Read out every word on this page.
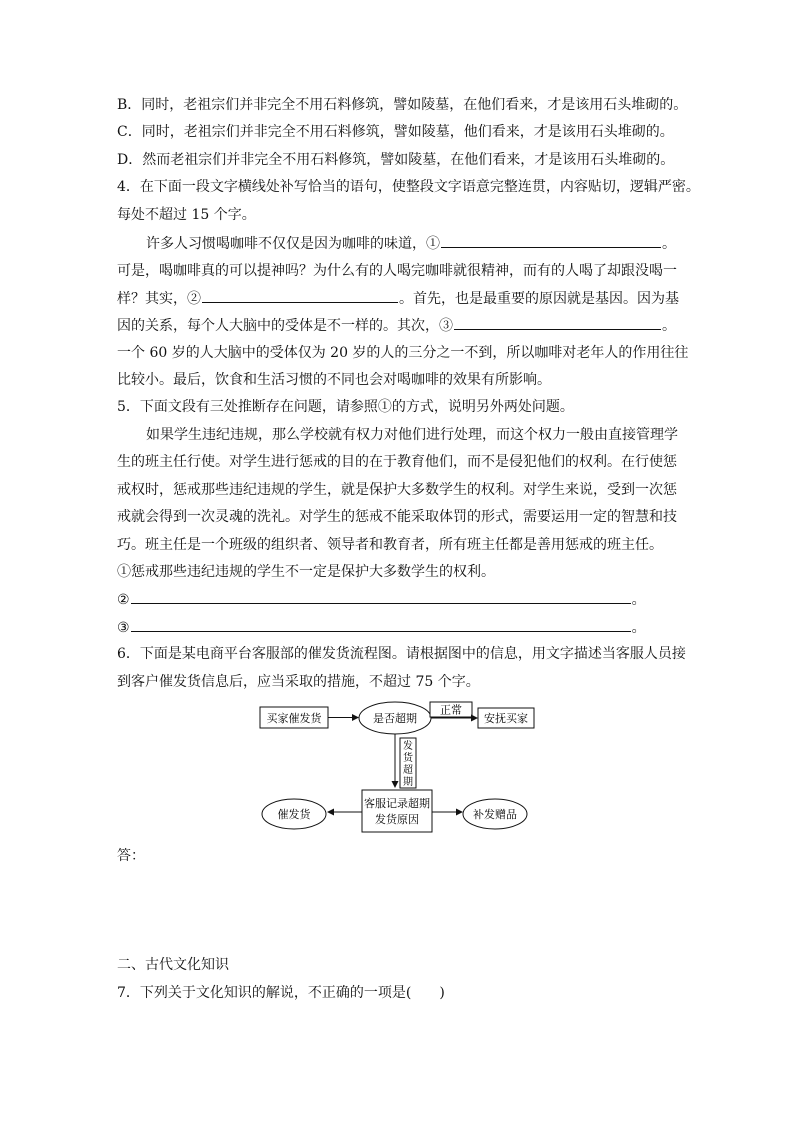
B．同时，老祖宗们并非完全不用石料修筑，譬如陵墓，在他们看来，才是该用石头堆砌的。
C．同时，老祖宗们并非完全不用石料修筑，譬如陵墓，他们看来，才是该用石头堆砌的。
D．然而老祖宗们并非完全不用石料修筑，譬如陵墓，在他们看来，才是该用石头堆砌的。
4．在下面一段文字横线处补写恰当的语句，使整段文字语意完整连贯，内容贴切，逻辑严密。
每处不超过 15 个字。
许多人习惯喝咖啡不仅仅是因为咖啡的味道，①	。
可是，喝咖啡真的可以提神吗？为什么有的人喝完咖啡就很精神，而有的人喝了却跟没喝一
样？其实，②	。首先，也是最重要的原因就是基因。因为基
因的关系，每个人大脑中的受体是不一样的。其次，③	。
一个 60 岁的人大脑中的受体仅为 20 岁的人的三分之一不到，所以咖啡对老年人的作用往往
比较小。最后，饮食和生活习惯的不同也会对喝咖啡的效果有所影响。
5．下面文段有三处推断存在问题，请参照①的方式，说明另外两处问题。
如果学生违纪违规，那么学校就有权力对他们进行处理，而这个权力一般由直接管理学
生的班主任行使。对学生进行惩戒的目的在于教育他们，而不是侵犯他们的权利。在行使惩
戒权时，惩戒那些违纪违规的学生，就是保护大多数学生的权利。对学生来说，受到一次惩
戒就会得到一次灵魂的洗礼。对学生的惩戒不能采取体罚的形式，需要运用一定的智慧和技
巧。班主任是一个班级的组织者、领导者和教育者，所有班主任都是善用惩戒的班主任。
①惩戒那些违纪违规的学生不一定是保护大多数学生的权利。
②	。
③	。
6．下面是某电商平台客服部的催发货流程图。请根据图中的信息，用文字描述当客服人员接
到客户催发货信息后，应当采取的措施，不超过 75 个字。
买家催发货	是否超期
正常
安抚买家
发
货
超
期
客服记录超期
发货原因
催发货	补发赠品
答：
二、古代文化知识
7．下列关于文化知识的解说，不正确的一项是(　　)
